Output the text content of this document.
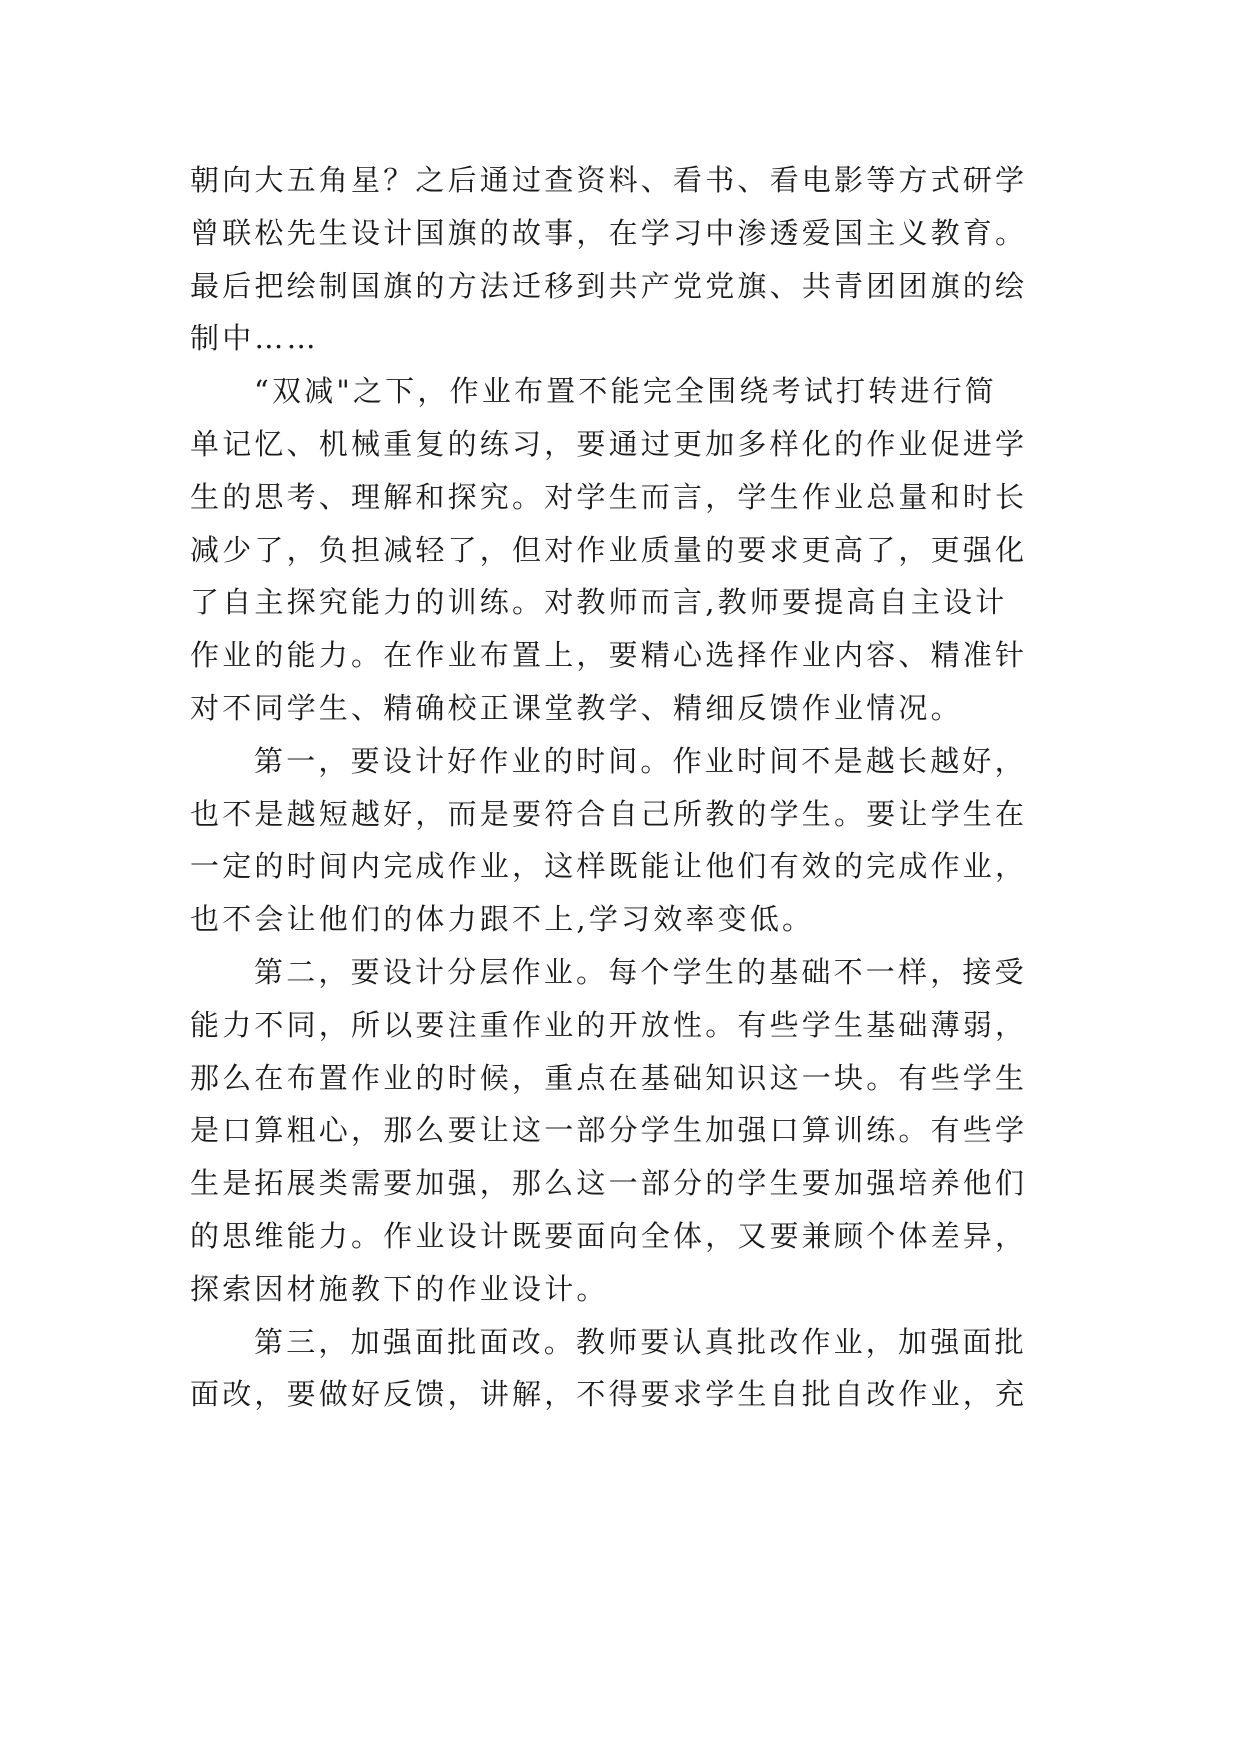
朝向大五角星？之后通过查资料、看书、看电影等方式研学
曾联松先生设计国旗的故事，在学习中渗透爱国主义教育。
最后把绘制国旗的方法迁移到共产党党旗、共青团团旗的绘
制中……
“双减"之下，作业布置不能完全围绕考试打转进行简
单记忆、机械重复的练习，要通过更加多样化的作业促进学
生的思考、理解和探究。对学生而言，学生作业总量和时长
减少了，负担减轻了，但对作业质量的要求更高了，更强化
了自主探究能力的训练。对教师而言,教师要提高自主设计
作业的能力。在作业布置上，要精心选择作业内容、精准针
对不同学生、精确校正课堂教学、精细反馈作业情况。
第一，要设计好作业的时间。作业时间不是越长越好，
也不是越短越好，而是要符合自己所教的学生。要让学生在
一定的时间内完成作业，这样既能让他们有效的完成作业，
也不会让他们的体力跟不上,学习效率变低。
第二，要设计分层作业。每个学生的基础不一样，接受
能力不同，所以要注重作业的开放性。有些学生基础薄弱，
那么在布置作业的时候，重点在基础知识这一块。有些学生
是口算粗心，那么要让这一部分学生加强口算训练。有些学
生是拓展类需要加强，那么这一部分的学生要加强培养他们
的思维能力。作业设计既要面向全体，又要兼顾个体差异，
探索因材施教下的作业设计。
第三，加强面批面改。教师要认真批改作业，加强面批
面改，要做好反馈，讲解，不得要求学生自批自改作业，充
